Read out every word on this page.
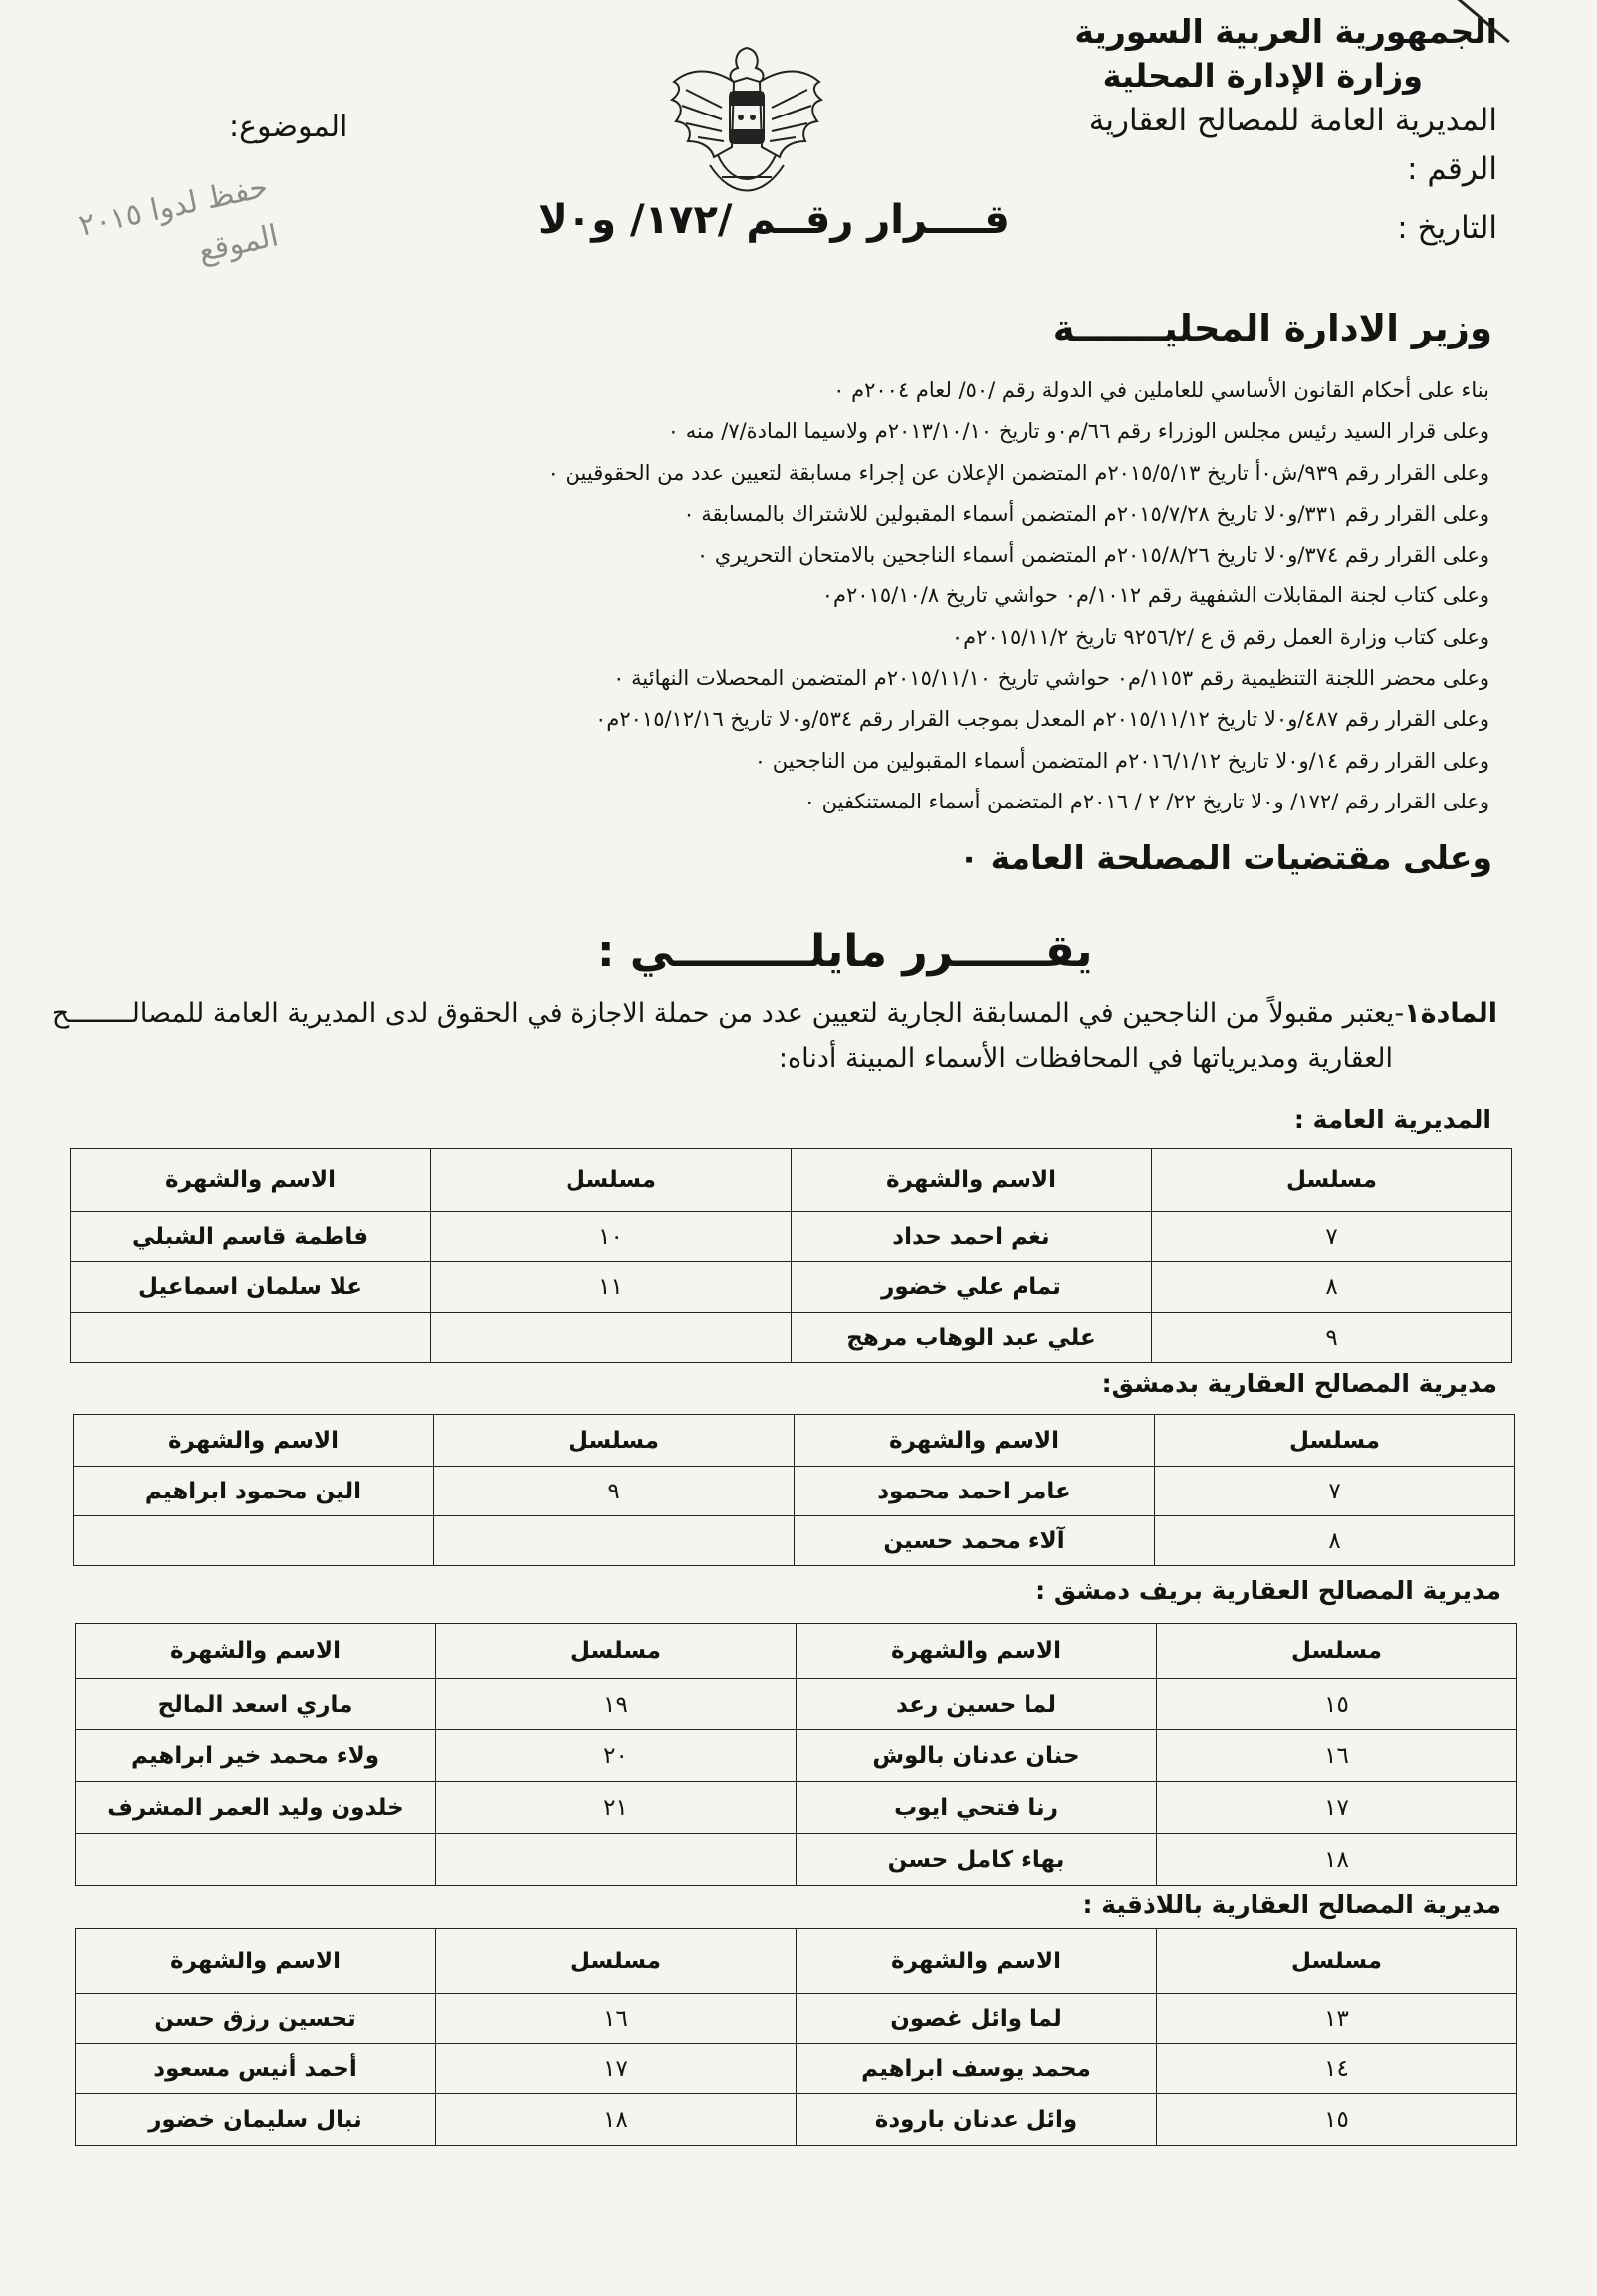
الجمهورية العربية السورية
وزارة الإدارة المحلية
المديرية العامة للمصالح العقارية
الرقم :
التاريخ :
الموضوع:
حفظ لدوا ٢٠١٥
الموقع	قــــرار رقــم /١٧٢/ و٠لا
وزير الادارة المحليـــــــة
بناء على أحكام القانون الأساسي للعاملين في الدولة رقم /٥٠/ لعام ٢٠٠٤م ٠
وعلى قرار السيد رئيس مجلس الوزراء رقم ٦٦/م٠و تاريخ ٢٠١٣/١٠/١٠م ولاسيما المادة/٧/ منه ٠
وعلى القرار رقم ٩٣٩/ش٠أ تاريخ ٢٠١٥/٥/١٣م المتضمن الإعلان عن إجراء مسابقة لتعيين عدد من الحقوقيين ٠
وعلى القرار رقم ٣٣١/و٠لا تاريخ ٢٠١٥/٧/٢٨م المتضمن أسماء المقبولين للاشتراك بالمسابقة ٠
وعلى القرار رقم ٣٧٤/و٠لا تاريخ ٢٠١٥/٨/٢٦م المتضمن أسماء الناجحين بالامتحان التحريري ٠
وعلى كتاب لجنة المقابلات الشفهية رقم ١٠١٢/م٠ حواشي تاريخ ٢٠١٥/١٠/٨م٠
وعلى كتاب وزارة العمل رقم ق ع /٩٢٥٦/٢ تاريخ ٢٠١٥/١١/٢م٠
وعلى محضر اللجنة التنظيمية رقم ١١٥٣/م٠ حواشي تاريخ ٢٠١٥/١١/١٠م المتضمن المحصلات النهائية ٠
وعلى القرار رقم ٤٨٧/و٠لا تاريخ ٢٠١٥/١١/١٢م المعدل بموجب القرار رقم ٥٣٤/و٠لا تاريخ ٢٠١٥/١٢/١٦م٠
وعلى القرار رقم ١٤/و٠لا تاريخ ٢٠١٦/١/١٢م المتضمن أسماء المقبولين من الناجحين ٠
وعلى القرار رقم /١٧٢/ و٠لا تاريخ ٢٢/ ٢ / ٢٠١٦م المتضمن أسماء المستنكفين ٠
وعلى مقتضيات المصلحة العامة ٠
يقــــــرر مايلـــــــــي :
المادة١-يعتبر مقبولاً من الناجحين في المسابقة الجارية لتعيين عدد من حملة الاجازة في الحقوق لدى المديرية العامة للمصالــــــــح
العقارية ومديرياتها في المحافظات الأسماء المبينة أدناه:
المديرية العامة :
مسلسل	الاسم والشهرة	مسلسل	الاسم والشهرة
٧	نغم احمد حداد	١٠	فاطمة قاسم الشبلي
٨	تمام علي خضور	١١	علا سلمان اسماعيل
٩	علي عبد الوهاب مرهج		
مديرية المصالح العقارية بدمشق:
مسلسل	الاسم والشهرة	مسلسل	الاسم والشهرة
٧	عامر احمد محمود	٩	الين محمود ابراهيم
٨	آلاء محمد حسين		
مديرية المصالح العقارية بريف دمشق :
مسلسل	الاسم والشهرة	مسلسل	الاسم والشهرة
١٥	لما حسين رعد	١٩	ماري اسعد المالح
١٦	حنان عدنان بالوش	٢٠	ولاء محمد خير ابراهيم
١٧	رنا فتحي ايوب	٢١	خلدون وليد العمر المشرف
١٨	بهاء كامل حسن		
مديرية المصالح العقارية باللاذقية :
مسلسل	الاسم والشهرة	مسلسل	الاسم والشهرة
١٣	لما وائل غصون	١٦	تحسين رزق حسن
١٤	محمد يوسف ابراهيم	١٧	أحمد أنيس مسعود
١٥	وائل عدنان بارودة	١٨	نبال سليمان خضور
